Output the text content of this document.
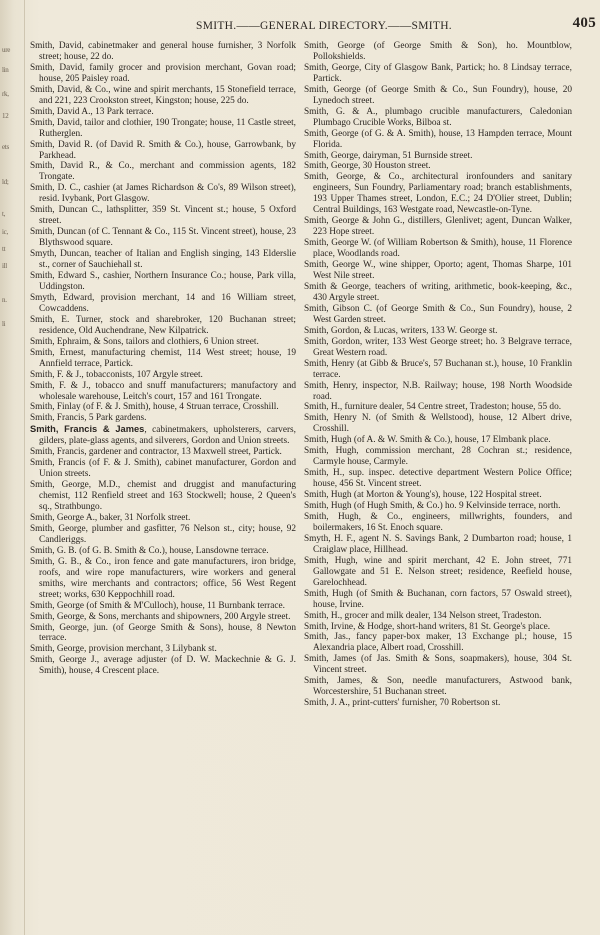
ure
lin
rk,
12
ets
ld;
t,
ic,
tt
ill
n.
li
SMITH.——GENERAL DIRECTORY.——SMITH.	405

Smith, David, cabinetmaker and general house furnisher, 3 Norfolk street; house, 22 do.

Smith, David, family grocer and provision merchant, Govan road; house, 205 Paisley road.

Smith, David, & Co., wine and spirit merchants, 15 Stonefield terrace, and 221, 223 Crookston street, Kingston; house, 225 do.

Smith, David A., 13 Park terrace.

Smith, David, tailor and clothier, 190 Trongate; house, 11 Castle street, Rutherglen.

Smith, David R. (of David R. Smith & Co.), house, Garrowbank, by Parkhead.

Smith, David R., & Co., merchant and commission agents, 182 Trongate.

Smith, D. C., cashier (at James Richardson & Co's, 89 Wilson street), resid. Ivybank, Port Glasgow.

Smith, Duncan C., lathsplitter, 359 St. Vincent st.; house, 5 Oxford street.

Smith, Duncan (of C. Tennant & Co., 115 St. Vincent street), house, 23 Blythswood square.

Smyth, Duncan, teacher of Italian and English singing, 143 Elderslie st., corner of Sauchiehall st.

Smith, Edward S., cashier, Northern Insurance Co.; house, Park villa, Uddingston.

Smyth, Edward, provision merchant, 14 and 16 William street, Cowcaddens.

Smith, E. Turner, stock and sharebroker, 120 Buchanan street; residence, Old Auchendrane, New Kilpatrick.

Smith, Ephraim, & Sons, tailors and clothiers, 6 Union street.

Smith, Ernest, manufacturing chemist, 114 West street; house, 19 Annfield terrace, Partick.

Smith, F. & J., tobacconists, 107 Argyle street.

Smith, F. & J., tobacco and snuff manufacturers; manufactory and wholesale warehouse, Leitch's court, 157 and 161 Trongate.

Smith, Finlay (of F. & J. Smith), house, 4 Struan terrace, Crosshill.

Smith, Francis, 5 Park gardens.

Smith, Francis & James, cabinetmakers, upholsterers, carvers, gilders, plate-glass agents, and silverers, Gordon and Union streets.

Smith, Francis, gardener and contractor, 13 Maxwell street, Partick.

Smith, Francis (of F. & J. Smith), cabinet manufacturer, Gordon and Union streets.

Smith, George, M.D., chemist and druggist and manufacturing chemist, 112 Renfield street and 163 Stockwell; house, 2 Queen's sq., Strathbungo.

Smith, George A., baker, 31 Norfolk street.

Smith, George, plumber and gasfitter, 76 Nelson st., city; house, 92 Candleriggs.

Smith, G. B. (of G. B. Smith & Co.), house, Lansdowne terrace.

Smith, G. B., & Co., iron fence and gate manufacturers, iron bridge, roofs, and wire rope manufacturers, wire workers and general smiths, wire merchants and contractors; office, 56 West Regent street; works, 630 Keppochhill road.

Smith, George (of Smith & M'Culloch), house, 11 Burnbank terrace.

Smith, George, & Sons, merchants and shipowners, 200 Argyle street.

Smith, George, jun. (of George Smith & Sons), house, 8 Newton terrace.

Smith, George, provision merchant, 3 Lilybank st.

Smith, George J., average adjuster (of D. W. Mackechnie & G. J. Smith), house, 4 Crescent place.

Smith, George (of George Smith & Son), ho. Mountblow, Pollokshields.

Smith, George, City of Glasgow Bank, Partick; ho. 8 Lindsay terrace, Partick.

Smith, George (of George Smith & Co., Sun Foundry), house, 20 Lynedoch street.

Smith, G. & A., plumbago crucible manufacturers, Caledonian Plumbago Crucible Works, Bilboa st.

Smith, George (of G. & A. Smith), house, 13 Hampden terrace, Mount Florida.

Smith, George, dairyman, 51 Burnside street.

Smith, George, 30 Houston street.

Smith, George, & Co., architectural ironfounders and sanitary engineers, Sun Foundry, Parliamentary road; branch establishments, 193 Upper Thames street, London, E.C.; 24 D'Olier street, Dublin; Central Buildings, 163 Westgate road, Newcastle-on-Tyne.

Smith, George & John G., distillers, Glenlivet; agent, Duncan Walker, 223 Hope street.

Smith, George W. (of William Robertson & Smith), house, 11 Florence place, Woodlands road.

Smith, George W., wine shipper, Oporto; agent, Thomas Sharpe, 101 West Nile street.

Smith & George, teachers of writing, arithmetic, book-keeping, &c., 430 Argyle street.

Smith, Gibson C. (of George Smith & Co., Sun Foundry), house, 2 West Garden street.

Smith, Gordon, & Lucas, writers, 133 W. George st.

Smith, Gordon, writer, 133 West George street; ho. 3 Belgrave terrace, Great Western road.

Smith, Henry (at Gibb & Bruce's, 57 Buchanan st.), house, 10 Franklin terrace.

Smith, Henry, inspector, N.B. Railway; house, 198 North Woodside road.

Smith, H., furniture dealer, 54 Centre street, Tradeston; house, 55 do.

Smith, Henry N. (of Smith & Wellstood), house, 12 Albert drive, Crosshill.

Smith, Hugh (of A. & W. Smith & Co.), house, 17 Elmbank place.

Smith, Hugh, commission merchant, 28 Cochran st.; residence, Carmyle house, Carmyle.

Smith, H., sup. inspec. detective department Western Police Office; house, 456 St. Vincent street.

Smith, Hugh (at Morton & Young's), house, 122 Hospital street.

Smith, Hugh (of Hugh Smith, & Co.) ho. 9 Kelvinside terrace, north.

Smith, Hugh, & Co., engineers, millwrights, founders, and boilermakers, 16 St. Enoch square.

Smyth, H. F., agent N. S. Savings Bank, 2 Dumbarton road; house, 1 Craiglaw place, Hillhead.

Smith, Hugh, wine and spirit merchant, 42 E. John street, 771 Gallowgate and 51 E. Nelson street; residence, Reefield house, Garelochhead.

Smith, Hugh (of Smith & Buchanan, corn factors, 57 Oswald street), house, Irvine.

Smith, H., grocer and milk dealer, 134 Nelson street, Tradeston.

Smith, Irvine, & Hodge, short-hand writers, 81 St. George's place.

Smith, Jas., fancy paper-box maker, 13 Exchange pl.; house, 15 Alexandria place, Albert road, Crosshill.

Smith, James (of Jas. Smith & Sons, soapmakers), house, 304 St. Vincent street.

Smith, James, & Son, needle manufacturers, Astwood bank, Worcestershire, 51 Buchanan street.

Smith, J. A., print-cutters' furnisher, 70 Robertson st.
